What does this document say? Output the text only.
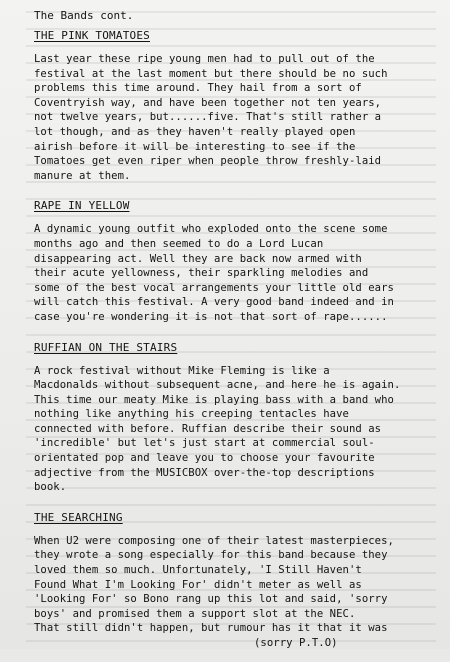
The Bands cont.
THE PINK TOMATOES
Last year these ripe young men had to pull out of the
festival at the last moment but there should be no such
problems this time around. They hail from a sort of
Coventryish way, and have been together not ten years,
not twelve years, but......five. That's still rather a
lot though, and as they haven't really played open
airish before it will be interesting to see if the
Tomatoes get even riper when people throw freshly-laid
manure at them.
RAPE IN YELLOW
A dynamic young outfit who exploded onto the scene some
months ago and then seemed to do a Lord Lucan
disappearing act. Well they are back now armed with
their acute yellowness, their sparkling melodies and
some of the best vocal arrangements your little old ears
will catch this festival. A very good band indeed and in
case you're wondering it is not that sort of rape......
RUFFIAN ON THE STAIRS
A rock festival without Mike Fleming is like a
Macdonalds without subsequent acne, and here he is again.
This time our meaty Mike is playing bass with a band who
nothing like anything his creeping tentacles have
connected with before. Ruffian describe their sound as
'incredible' but let's just start at commercial soul-
orientated pop and leave you to choose your favourite
adjective from the MUSICBOX over-the-top descriptions
book.
THE SEARCHING
When U2 were composing one of their latest masterpieces,
they wrote a song especially for this band because they
loved them so much. Unfortunately, 'I Still Haven't
Found What I'm Looking For' didn't meter as well as
'Looking For' so Bono rang up this lot and said, 'sorry
boys' and promised them a support slot at the NEC.
That still didn't happen, but rumour has it that it was
(sorry P.T.O)
